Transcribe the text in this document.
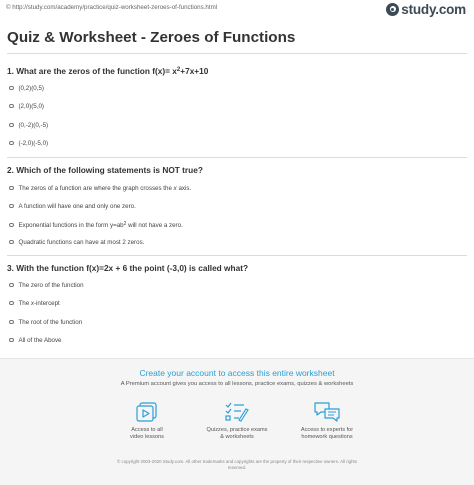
© http://study.com/academy/practice/quiz-worksheet-zeroes-of-functions.html	study.com
Quiz & Worksheet - Zeroes of Functions
1. What are the zeros of the function $f(x)= x^2+7x+10$
(0,2)(0,5)
(2,0)(5,0)
(0,-2)(0,-5)
(-2,0)(-5,0)
2. Which of the following statements is NOT true?
The zeros of a function are where the graph crosses the x axis.
A function will have one and only one zero.
Exponential functions in the form $y=ab^2$ will not have a zero.
Quadratic functions can have at most 2 zeros.
3. With the function f(x)=2x + 6 the point (-3,0) is called what?
The zero of the function
The x-intercept
The root of the function
All of the Above
Create your account to access this entire worksheet
A Premium account gives you access to all lessons, practice exams, quizzes & worksheets
Access to all
video lessons
Quizzes, practice exams
& worksheets
Access to experts for
homework questions
© copyright 2003-2020 Study.com. All other trademarks and copyrights are the property of their respective owners. All rights
reserved.
